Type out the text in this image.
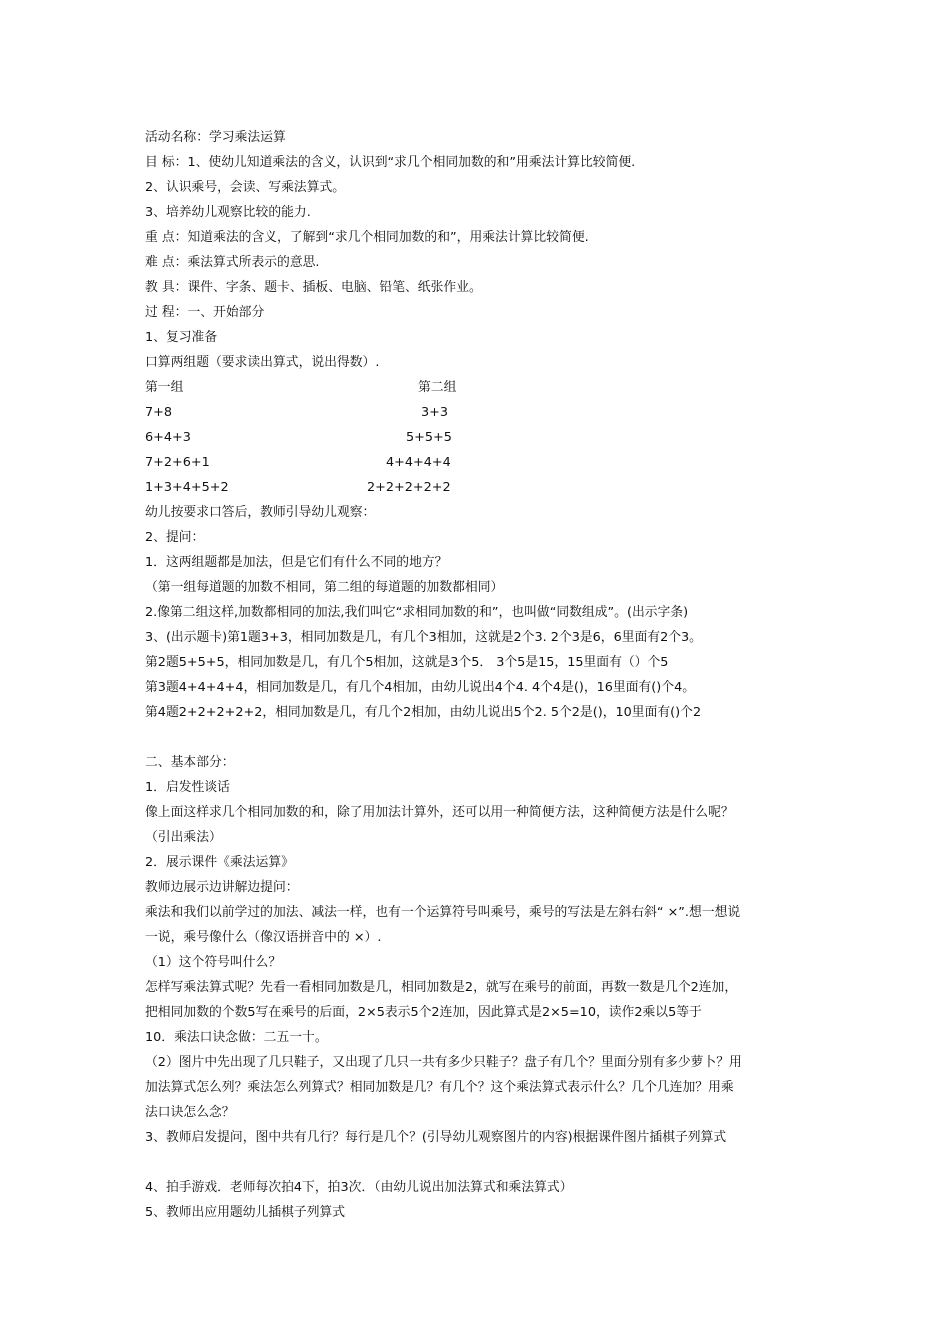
活动名称：学习乘法运算
目 标：1、使幼儿知道乘法的含义，认识到“求几个相同加数的和”用乘法计算比较简便.
2、认识乘号，会读、写乘法算式。
3、培养幼儿观察比较的能力.
重 点：知道乘法的含义，了解到“求几个相同加数的和”，用乘法计算比较简便.
难 点：乘法算式所表示的意思.
教 具：课件、字条、题卡、插板、电脑、铅笔、纸张作业。
过 程：一、开始部分
1、复习准备
口算两组题（要求读出算式，说出得数）.
第一组	第二组
7+8	3+3
6+4+3	5+5+5
7+2+6+1	4+4+4+4
1+3+4+5+2	2+2+2+2+2
幼儿按要求口答后，教师引导幼儿观察：
2、提问：
1．这两组题都是加法，但是它们有什么不同的地方？
（第一组每道题的加数不相同，第二组的每道题的加数都相同）
2.像第二组这样,加数都相同的加法,我们叫它“求相同加数的和”，也叫做“同数组成”。(出示字条)
3、(出示题卡)第1题3+3，相同加数是几，有几个3相加，这就是2个3. 2个3是6，6里面有2个3。
第2题5+5+5，相同加数是几，有几个5相加，这就是3个5． 3个5是15，15里面有（）个5
第3题4+4+4+4，相同加数是几，有几个4相加，由幼儿说出4个4. 4个4是()，16里面有()个4。
第4题2+2+2+2+2，相同加数是几，有几个2相加，由幼儿说出5个2. 5个2是()，10里面有()个2
二、基本部分：
1．启发性谈话
像上面这样求几个相同加数的和，除了用加法计算外，还可以用一种简便方法，这种简便方法是什么呢？
（引出乘法）
2．展示课件《乘法运算》
教师边展示边讲解边提问：
乘法和我们以前学过的加法、减法一样，也有一个运算符号叫乘号，乘号的写法是左斜右斜“ ×”.想一想说
一说，乘号像什么（像汉语拼音中的 ×）.
（1）这个符号叫什么？
怎样写乘法算式呢？先看一看相同加数是几，相同加数是2，就写在乘号的前面，再数一数是几个2连加，
把相同加数的个数5写在乘号的后面，2×5表示5个2连加，因此算式是2×5=10，读作2乘以5等于
10．乘法口诀念做：二五一十。
（2）图片中先出现了几只鞋子，又出现了几只一共有多少只鞋子？盘子有几个？里面分别有多少萝卜？用
加法算式怎么列？乘法怎么列算式？相同加数是几？有几个？这个乘法算式表示什么？几个几连加？用乘
法口诀怎么念？
3、教师启发提问，图中共有几行？每行是几个？(引导幼儿观察图片的内容)根据课件图片插棋子列算式
4、拍手游戏．老师每次拍4下，拍3次．（由幼儿说出加法算式和乘法算式）
5、教师出应用题幼儿插棋子列算式
